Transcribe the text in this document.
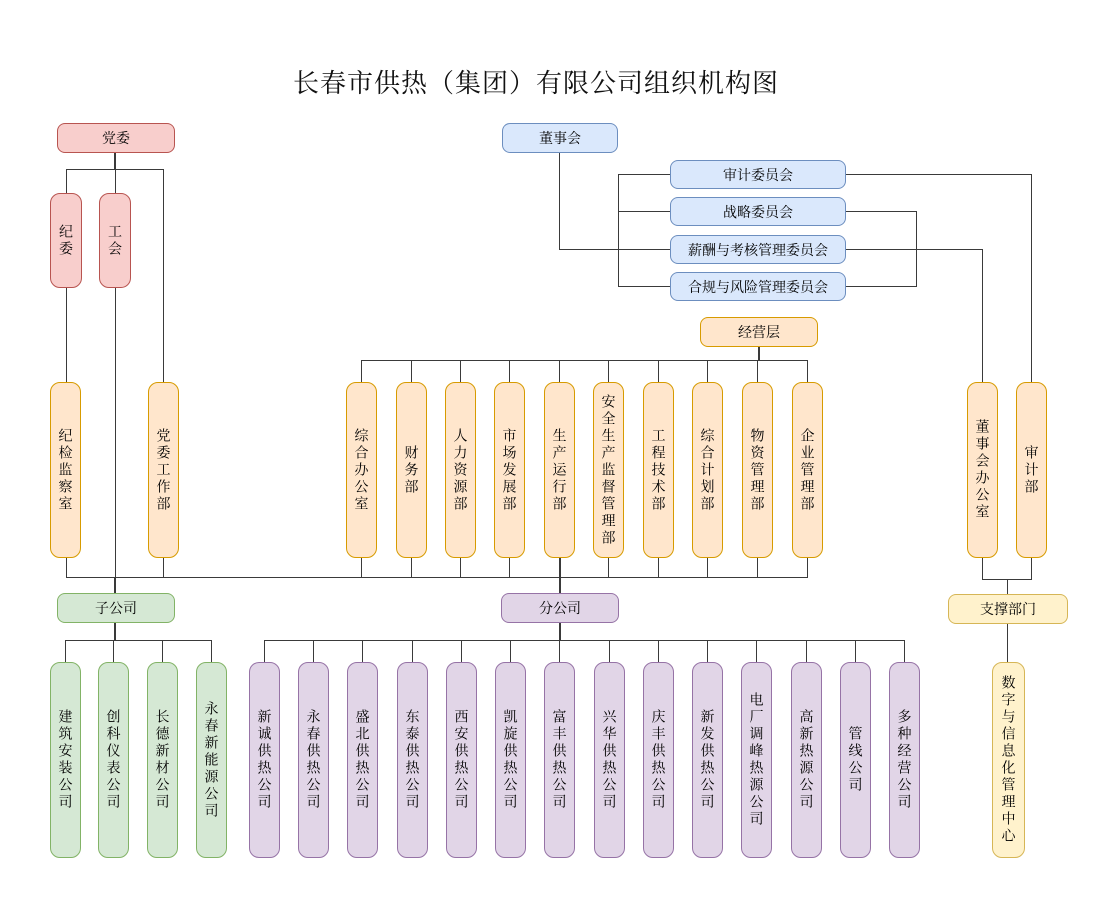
长春市供热（集团）有限公司组织机构图
党委	董事会
经营层
子公司	分公司	支撑部门
纪委	工会
纪检监察室	党委工作部	董事会办公室	审计部
数字与信息化管理中心
审计委员会
战略委员会
薪酬与考核管理委员会
合规与风险管理委员会
综合办公室	财务部	人力资源部	市场发展部	生产运行部	安全生产监督管理部	工程技术部	综合计划部	物资管理部	企业管理部
建筑安装公司	创科仪表公司	长德新材公司	永春新能源公司	新诚供热公司	永春供热公司	盛北供热公司	东泰供热公司	西安供热公司	凯旋供热公司	富丰供热公司	兴华供热公司	庆丰供热公司	新发供热公司	电厂调峰热源公司	高新热源公司	管线公司	多种经营公司
